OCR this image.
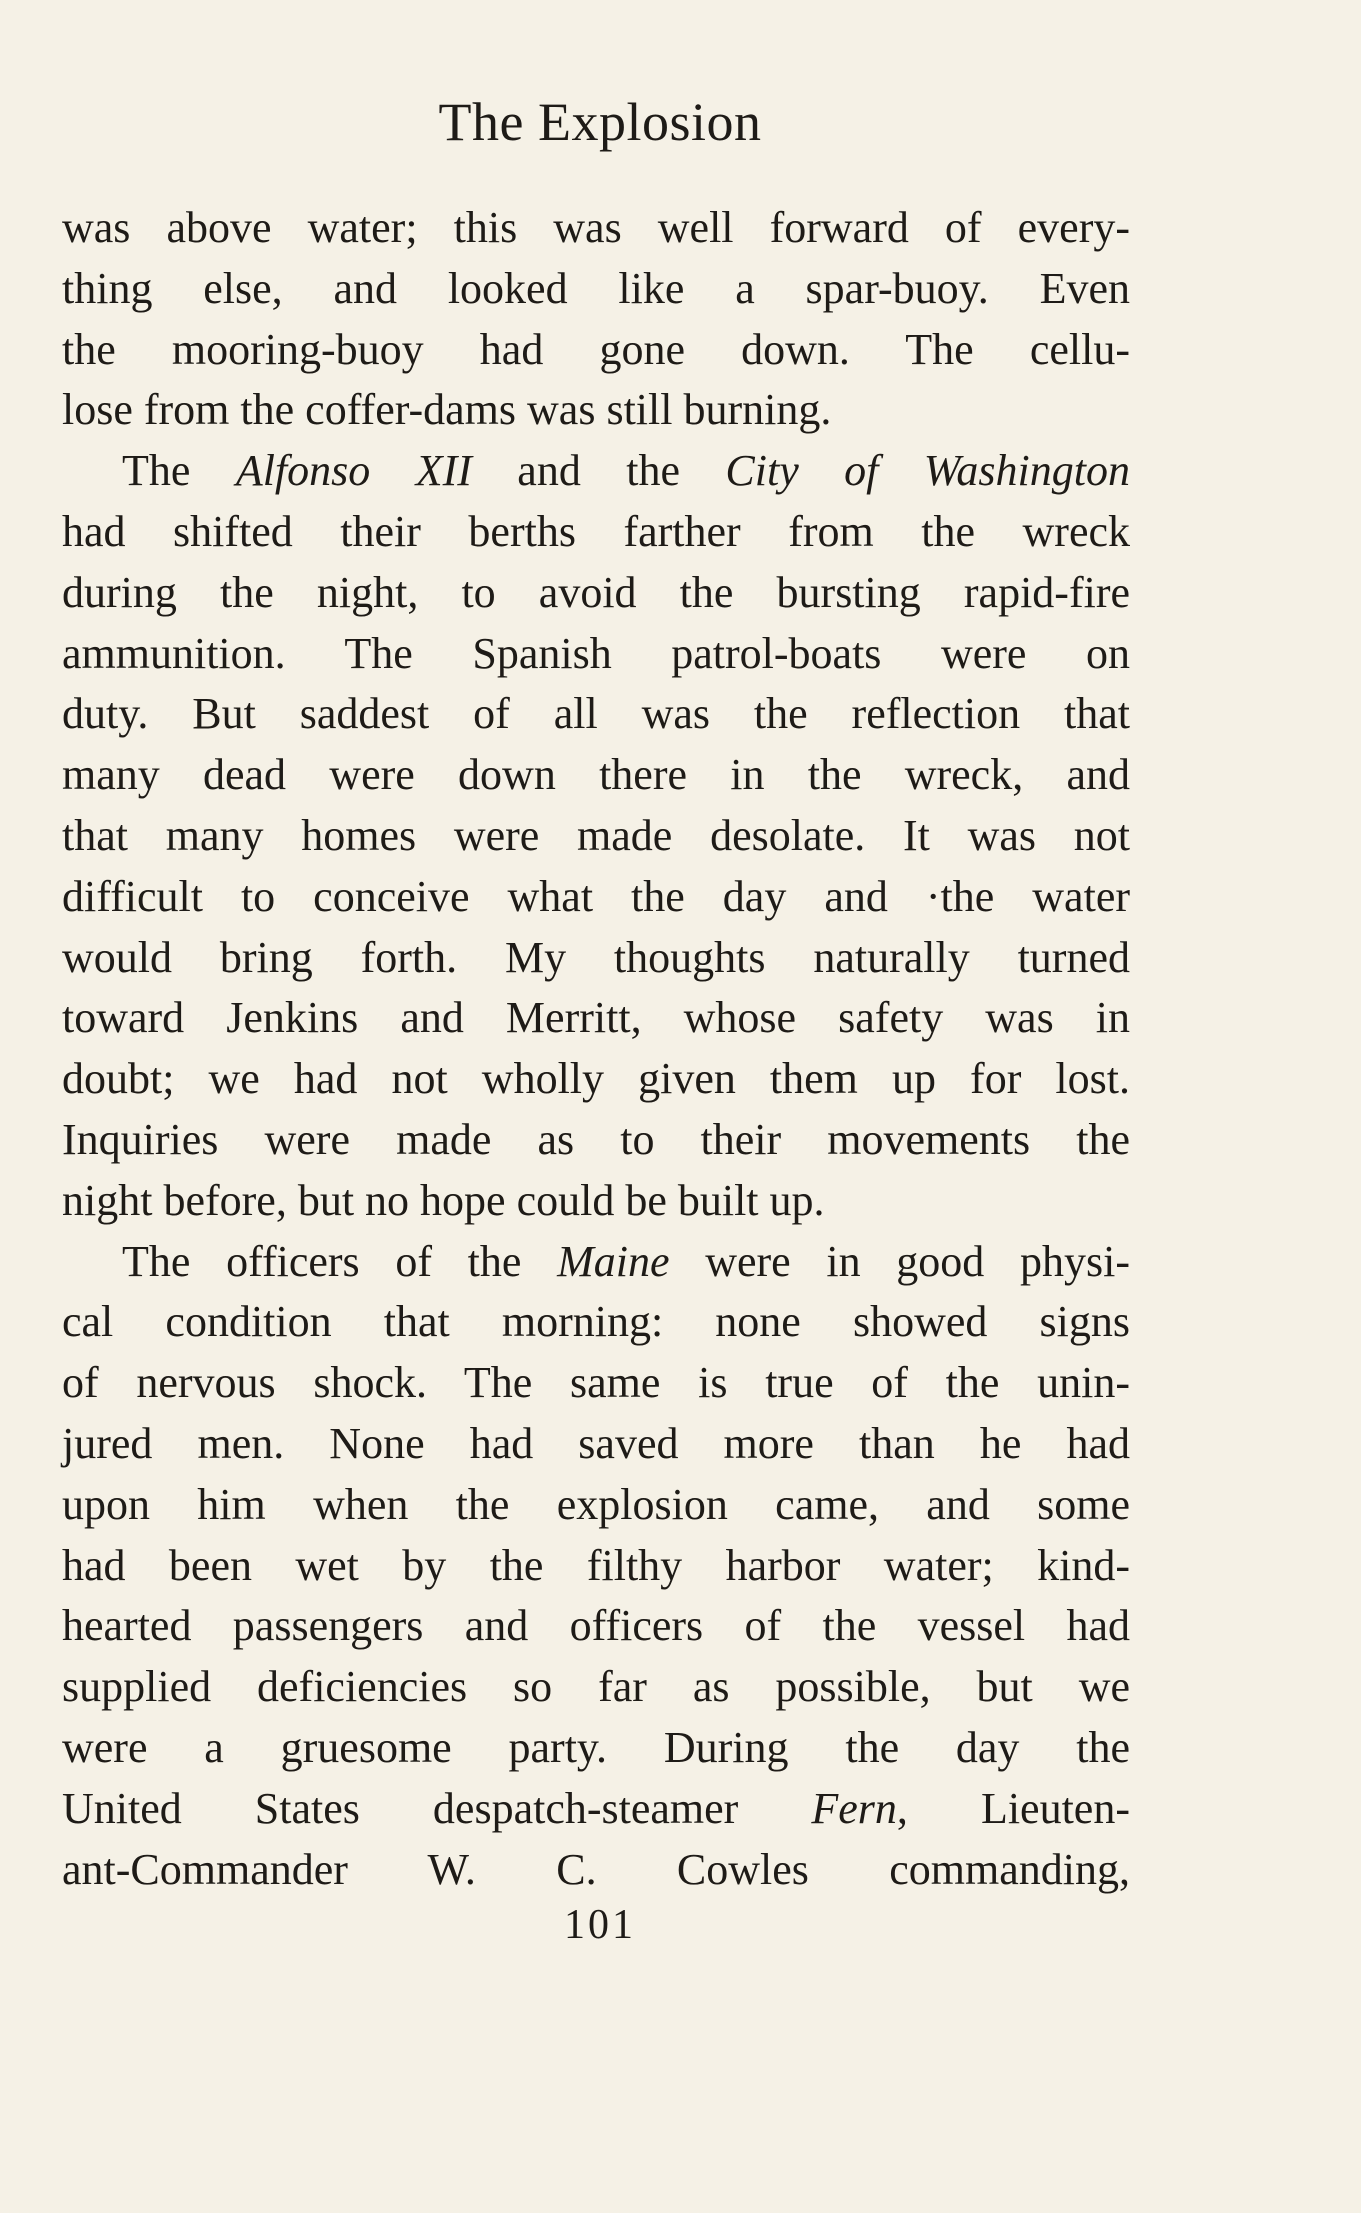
The Explosion
was above water; this was well forward of every-
thing else, and looked like a spar-buoy. Even
the mooring-buoy had gone down. The cellu-
lose from the coffer-dams was still burning.
The Alfonso XII and the City of Washington
had shifted their berths farther from the wreck
during the night, to avoid the bursting rapid-fire
ammunition. The Spanish patrol-boats were on
duty. But saddest of all was the reflection that
many dead were down there in the wreck, and
that many homes were made desolate. It was not
difficult to conceive what the day and ·the water
would bring forth. My thoughts naturally turned
toward Jenkins and Merritt, whose safety was in
doubt; we had not wholly given them up for lost.
Inquiries were made as to their movements the
night before, but no hope could be built up.
The officers of the Maine were in good physi-
cal condition that morning: none showed signs
of nervous shock. The same is true of the unin-
jured men. None had saved more than he had
upon him when the explosion came, and some
had been wet by the filthy harbor water; kind-
hearted passengers and officers of the vessel had
supplied deficiencies so far as possible, but we
were a gruesome party. During the day the
United States despatch-steamer Fern, Lieuten-
ant-Commander W. C. Cowles commanding,
101
